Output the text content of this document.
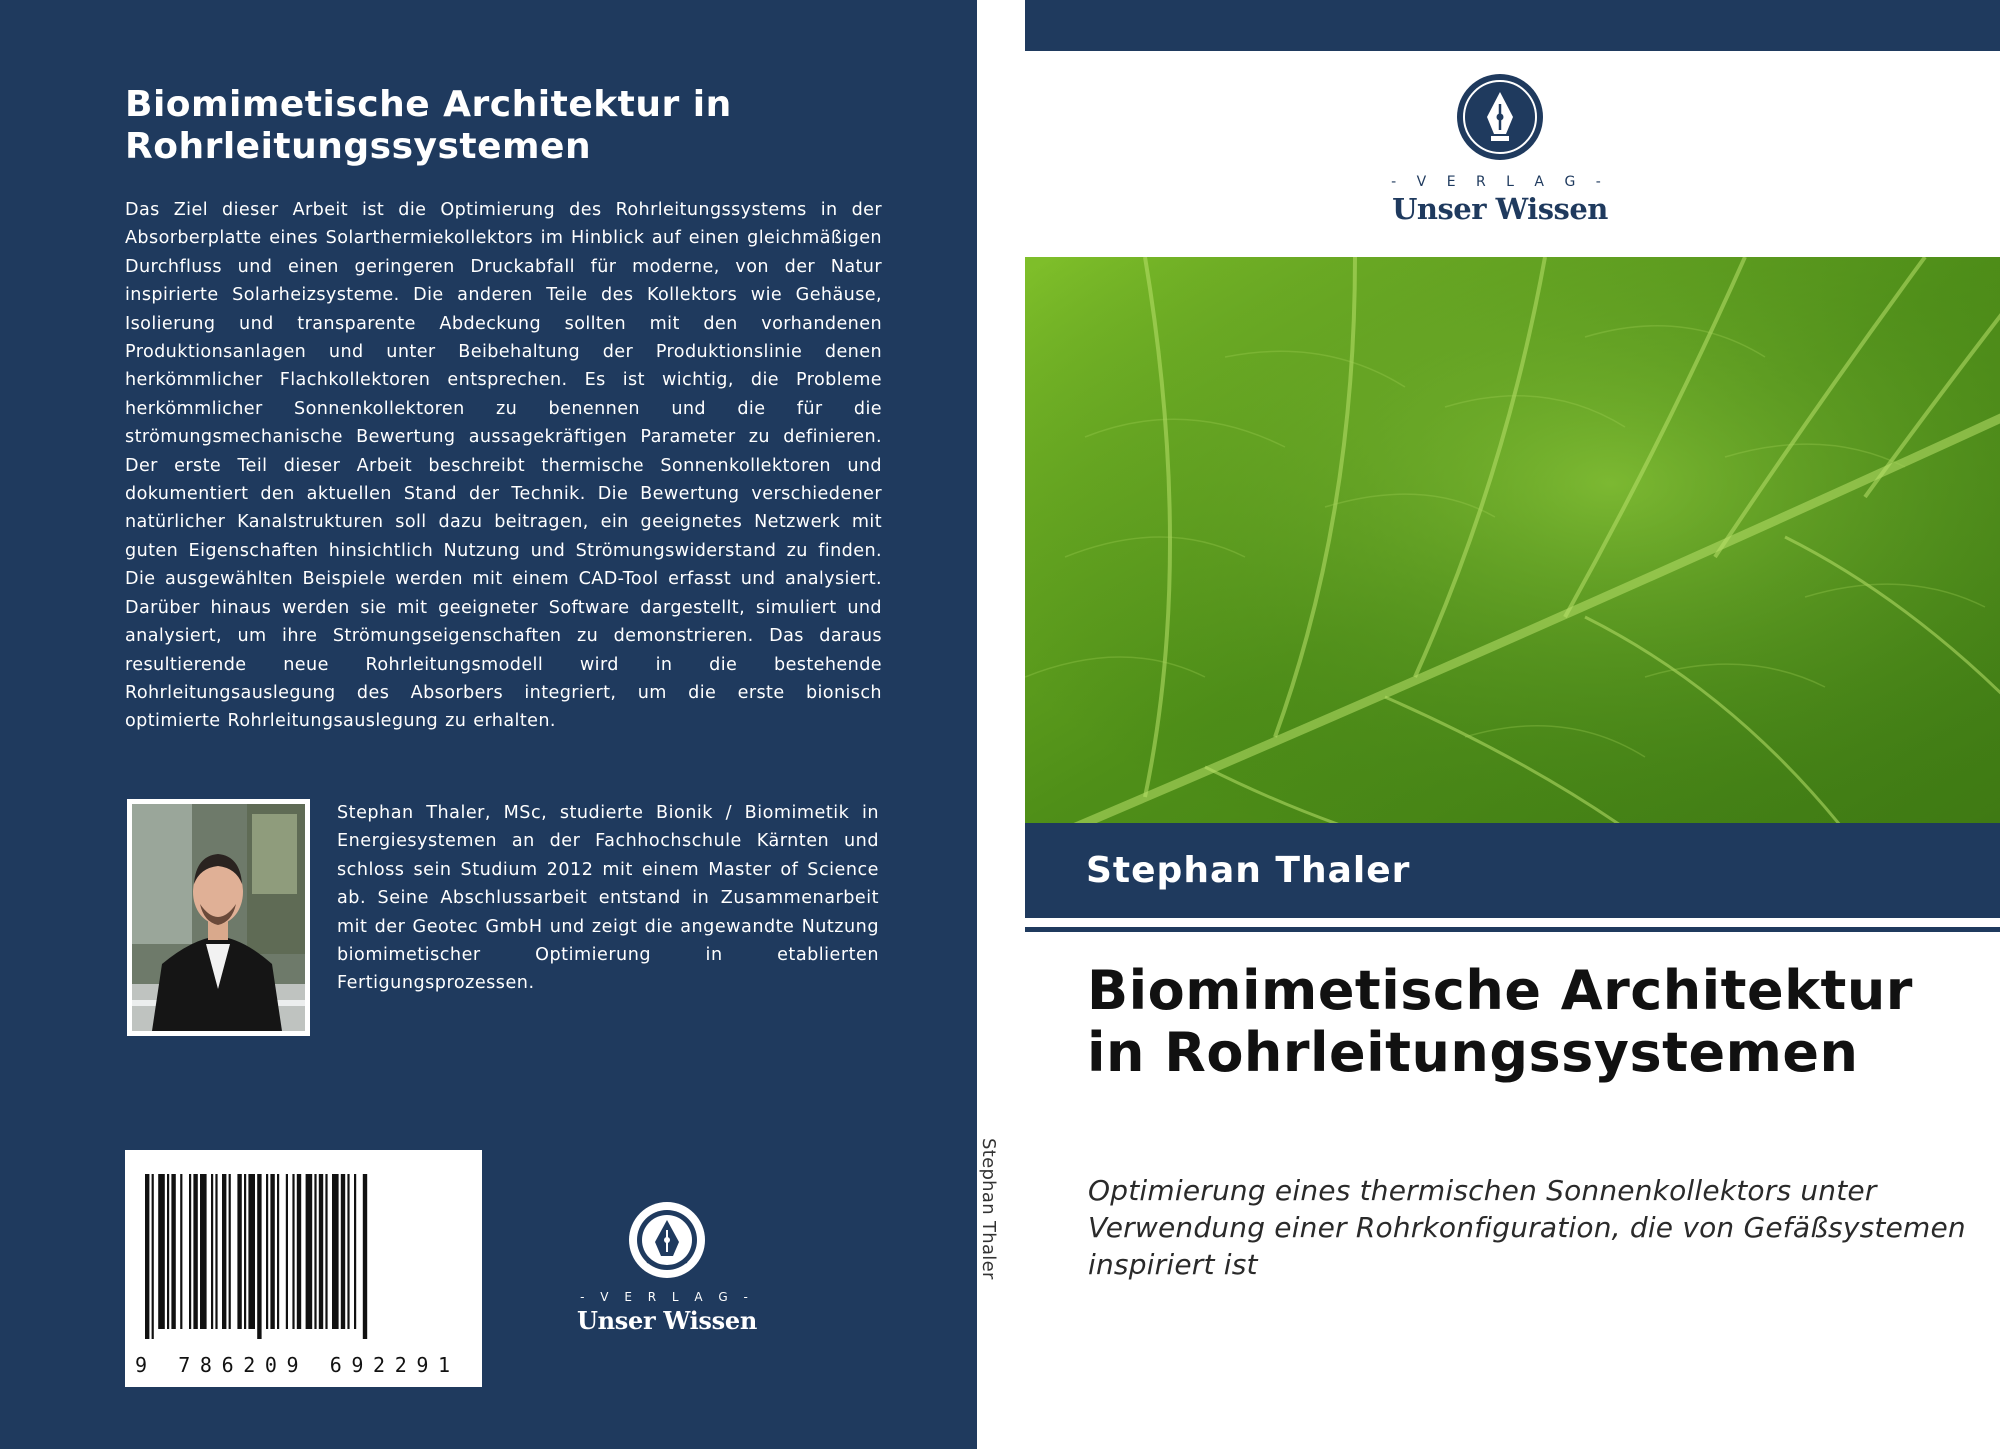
Biomimetische Architektur in Rohrleitungssystemen

Das Ziel dieser Arbeit ist die Optimierung des Rohrleitungssystems in der Absorberplatte eines Solarthermiekollektors im Hinblick auf einen gleichmäßigen Durchfluss und einen geringeren Druckabfall für moderne, von der Natur inspirierte Solarheizsysteme. Die anderen Teile des Kollektors wie Gehäuse, Isolierung und transparente Abdeckung sollten mit den vorhandenen Produktionsanlagen und unter Beibehaltung der Produktionslinie denen herkömmlicher Flachkollektoren entsprechen. Es ist wichtig, die Probleme herkömmlicher Sonnenkollektoren zu benennen und die für die strömungsmechanische Bewertung aussagekräftigen Parameter zu definieren. Der erste Teil dieser Arbeit beschreibt thermische Sonnenkollektoren und dokumentiert den aktuellen Stand der Technik. Die Bewertung verschiedener natürlicher Kanalstrukturen soll dazu beitragen, ein geeignetes Netzwerk mit guten Eigenschaften hinsichtlich Nutzung und Strömungswiderstand zu finden. Die ausgewählten Beispiele werden mit einem CAD-Tool erfasst und analysiert. Darüber hinaus werden sie mit geeigneter Software dargestellt, simuliert und analysiert, um ihre Strömungseigenschaften zu demonstrieren. Das daraus resultierende neue Rohrleitungsmodell wird in die bestehende Rohrleitungsauslegung des Absorbers integriert, um die erste bionisch optimierte Rohrleitungsauslegung zu erhalten.

Stephan Thaler, MSc, studierte Bionik / Biomimetik in Energiesystemen an der Fachhochschule Kärnten und schloss sein Studium 2012 mit einem Master of Science ab. Seine Abschlussarbeit entstand in Zusammenarbeit mit der Geotec GmbH und zeigt die angewandte Nutzung biomimetischer Optimierung in etablierten Fertigungsprozessen.

9 786209 692291
- V E R L A G -
Unser Wissen

Stephan Thaler

- V E R L A G -
Unser Wissen

Stephan Thaler

Biomimetische Architektur in Rohrleitungssystemen

Optimierung eines thermischen Sonnenkollektors unter Verwendung einer Rohrkonfiguration, die von Gefäßsystemen inspiriert ist
